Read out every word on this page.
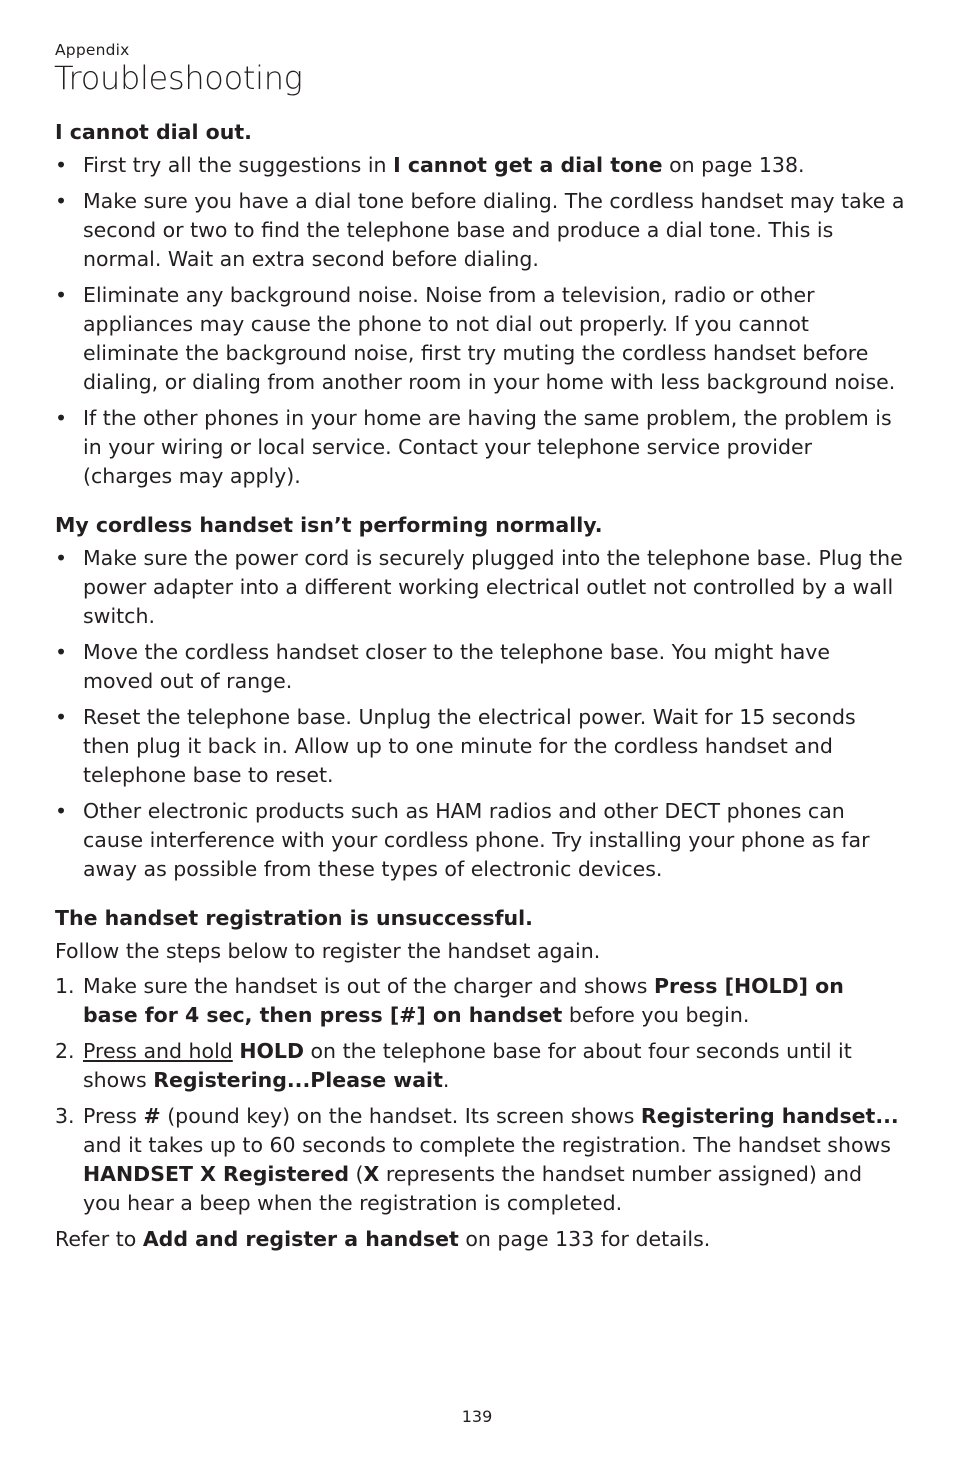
Appendix
Troubleshooting
I cannot dial out.
• First try all the suggestions in I cannot get a dial tone on page 138.
• Make sure you have a dial tone before dialing. The cordless handset may take a second or two to find the telephone base and produce a dial tone. This is normal. Wait an extra second before dialing.
• Eliminate any background noise. Noise from a television, radio or other appliances may cause the phone to not dial out properly. If you cannot eliminate the background noise, first try muting the cordless handset before dialing, or dialing from another room in your home with less background noise.
• If the other phones in your home are having the same problem, the problem is in your wiring or local service. Contact your telephone service provider (charges may apply).
My cordless handset isn’t performing normally.
• Make sure the power cord is securely plugged into the telephone base. Plug the power adapter into a different working electrical outlet not controlled by a wall switch.
• Move the cordless handset closer to the telephone base. You might have moved out of range.
• Reset the telephone base. Unplug the electrical power. Wait for 15 seconds then plug it back in. Allow up to one minute for the cordless handset and telephone base to reset.
• Other electronic products such as HAM radios and other DECT phones can cause interference with your cordless phone. Try installing your phone as far away as possible from these types of electronic devices.
The handset registration is unsuccessful.

Follow the steps below to register the handset again.

1. Make sure the handset is out of the charger and shows Press [HOLD] on base for 4 sec, then press [#] on handset before you begin.
2. Press and hold HOLD on the telephone base for about four seconds until it shows Registering...Please wait.
3. Press # (pound key) on the handset. Its screen shows Registering handset... and it takes up to 60 seconds to complete the registration. The handset shows HANDSET X Registered (X represents the handset number assigned) and you hear a beep when the registration is completed.

Refer to Add and register a handset on page 133 for details.

139
